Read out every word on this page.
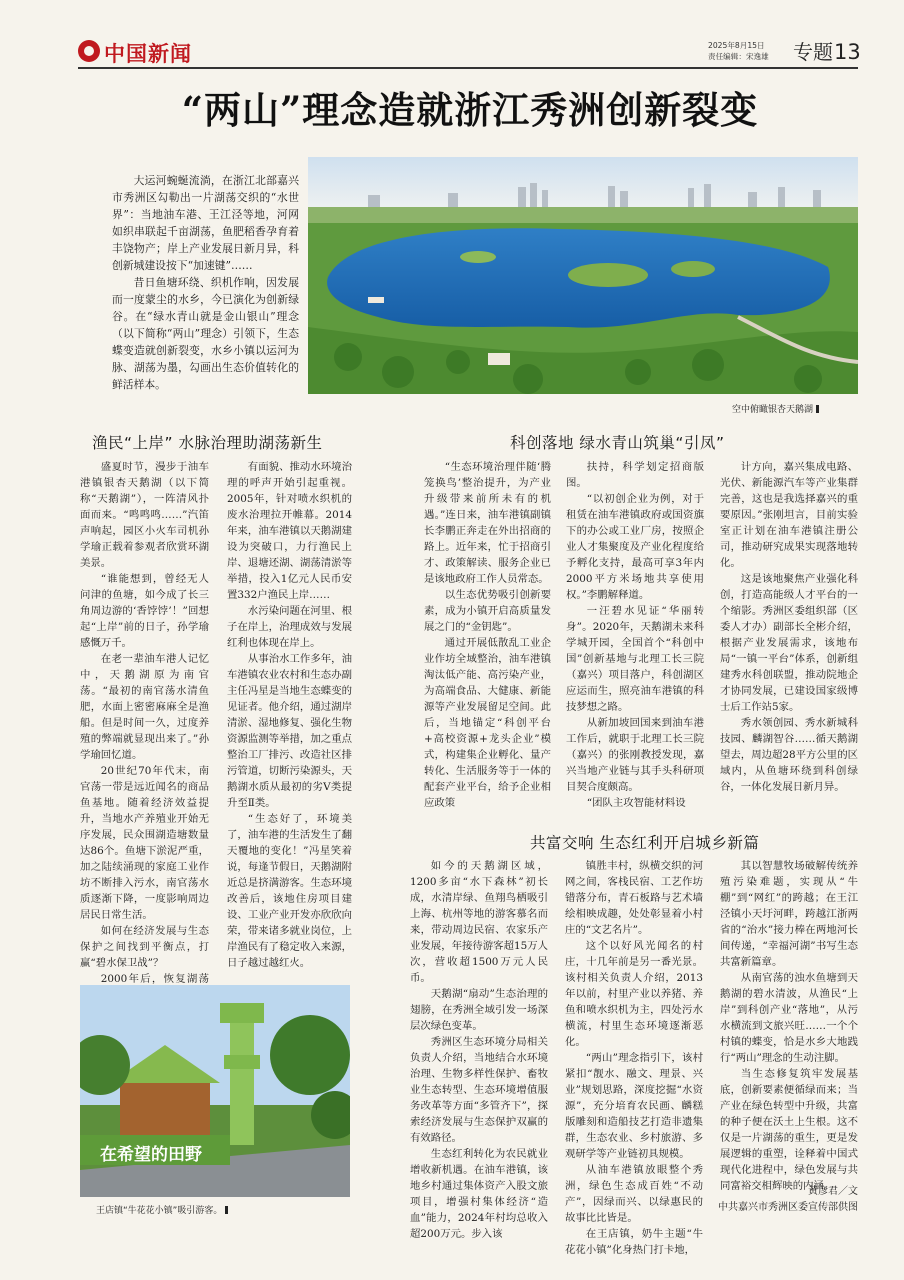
中国新闻	2025年8月15日
责任编辑：宋逸雄	专题13
“两山”理念造就浙江秀洲创新裂变

大运河蜿蜒流淌，在浙江北部嘉兴市秀洲区勾勒出一片湖荡交织的“水世界”：当地油车港、王江泾等地，河网如织串联起千亩湖荡，鱼肥稻香孕育着丰饶物产；岸上产业发展日新月异，科创新城建设按下“加速键”……

昔日鱼塘环绕、织机作响，因发展而一度蒙尘的水乡，今已演化为创新绿谷。在“绿水青山就是金山银山”理念（以下简称“两山”理念）引领下，生态蝶变造就创新裂变，水乡小镇以运河为脉、湖荡为墨，勾画出生态价值转化的鲜活样本。

空中俯瞰银杏天鹅湖
渔民“上岸” 水脉治理助湖荡新生	科创落地 绿水青山筑巢“引凤”
共富交响 生态红利开启城乡新篇

盛夏时节，漫步于油车港镇银杏天鹅湖（以下简称“天鹅湖”），一阵清风扑面而来。“鸣鸣鸣……”汽笛声响起，园区小火车司机孙学瑜正载着参观者欣赏环湖美景。

“谁能想到，曾经无人问津的鱼塘，如今成了长三角周边游的‘香饽饽’！”回想起“上岸”前的日子，孙学瑜感慨万千。

在老一辈油车港人记忆中，天鹅湖原为南官荡。“最初的南官荡水清鱼肥，水面上密密麻麻全是渔船。但是时间一久，过度养殖的弊端就显现出来了。”孙学瑜回忆道。

20世纪70年代末，南官荡一带是远近闻名的商品鱼基地。随着经济效益提升，当地水产养殖业开始无序发展，民众围湖造塘数量达86个。鱼塘下淤泥严重，加之陆续涌现的家庭工业作坊不断排入污水，南官荡水质逐渐下降，一度影响周边居民日常生活。

如何在经济发展与生态保护之间找到平衡点，打赢“碧水保卫战”？

2000年后，恢复湖荡

有面貌、推动水环境治理的呼声开始引起重视。2005年，针对喷水织机的废水治理拉开帷幕。2014年来，油车港镇以天鹅湖建设为突破口，力行渔民上岸、退塘还湖、湖荡清淤等举措，投入1亿元人民币安置332户渔民上岸……

水污染问题在河里、根子在岸上，治理成效与发展红利也体现在岸上。

从事治水工作多年，油车港镇农业农村和生态办副主任冯星是当地生态蝶变的见证者。他介绍，通过湖岸清淤、湿地修复、强化生物资源监测等举措，加之重点整治工厂排污、改造社区排污管道，切断污染源头，天鹅湖水质从最初的劣Ⅴ类提升至Ⅱ类。

“生态好了，环境美了，油车港的生活发生了翻天覆地的变化！”冯星笑着说，每逢节假日，天鹅湖附近总是挤满游客。生态环境改善后，该地住房项目建设、工业产业开发亦欣欣向荣，带来诸多就业岗位，上岸渔民有了稳定收入来源，日子越过越红火。

“生态环境治理伴随‘腾笼换鸟’整治提升，为产业升级带来前所未有的机遇。”连日来，油车港镇副镇长李鹏正奔走在外出招商的路上。近年来，忙于招商引才、政策解读、服务企业已是该地政府工作人员常态。

以生态优势吸引创新要素，成为小镇开启高质量发展之门的“金钥匙”。

通过开展低散乱工业企业作坊全域整治，油车港镇淘汰低产能、高污染产业，为高端食品、大健康、新能源等产业发展留足空间。此后，当地锚定“科创平台+高校资源+龙头企业”模式，构建集企业孵化、量产转化、生活服务等于一体的配套产业平台，给予企业相应政策

扶持，科学划定招商版图。

“以初创企业为例，对于租赁在油车港镇政府或国资旗下的办公或工业厂房，按照企业人才集聚度及产业化程度给予孵化支持，最高可享3年内2000平方米场地共享使用权。”李鹏解释道。

一汪碧水见证“华丽转身”。2020年，天鹅湖未来科学城开园，全国首个“科创中国”创新基地与北理工长三院（嘉兴）项目落户，科创湖区应运而生，照亮油车港镇的科技梦想之路。

从新加坡回国来到油车港工作后，就职于北理工长三院（嘉兴）的张刚教授发现，嘉兴当地产业链与其手头科研项目契合度颇高。

“团队主攻智能材料设

计方向，嘉兴集成电路、光伏、新能源汽车等产业集群完善，这也是我选择嘉兴的重要原因。”张刚坦言，目前实验室正计划在油车港镇注册公司，推动研究成果实现落地转化。

这是该地聚焦产业强化科创，打造高能级人才平台的一个缩影。秀洲区委组织部（区委人才办）副部长全彬介绍，根据产业发展需求，该地布局“一镇一平台”体系，创新组建秀水科创联盟，推动院地企才协同发展，已建设国家级博士后工作站5家。

秀水领创园、秀水新城科技园、麟湖智谷……循天鹅湖望去，周边超28平方公里的区域内，从鱼塘环绕到科创绿谷，一体化发展日新月异。

如今的天鹅湖区域，1200多亩“水下森林”初长成，水清岸绿、鱼翔鸟栖吸引上海、杭州等地的游客慕名而来，带动周边民宿、农家乐产业发展，年接待游客超15万人次，营收超1500万元人民币。

天鹅湖“扇动”生态治理的翅膀，在秀洲全域引发一场深层次绿色变革。

秀洲区生态环境分局相关负责人介绍，当地结合水环境治理、生物多样性保护、畜牧业生态转型、生态环境增值服务改革等方面“多管齐下”，探索经济发展与生态保护双赢的有效路径。

生态红利转化为农民就业增收新机遇。在油车港镇，该地乡村通过集体资产入股文旅项目，增强村集体经济“造血”能力，2024年村均总收入超200万元。步入该

镇胜丰村，纵横交织的河网之间，客栈民宿、工艺作坊错落分布，青石板路与艺术墙绘相映成趣，处处彰显着小村庄的“文艺名片”。

这个以好风光闻名的村庄，十几年前是另一番光景。该村相关负责人介绍，2013年以前，村里产业以养猪、养鱼和喷水织机为主，四处污水横流，村里生态环境逐渐恶化。

“两山”理念指引下，该村紧扣“靓水、融文、理景、兴业”规划思路，深度挖掘“水资源”，充分培育农民画、麟糕版雕刻和造船技艺打造非遗集群，生态农业、乡村旅游、多观研学等产业链初具规模。

从油车港镇放眼整个秀洲，绿色生态成百姓“不动产”，因绿而兴、以绿惠民的故事比比皆是。

在王店镇，奶牛主题“牛花花小镇”化身热门打卡地，

其以智慧牧场破解传统养殖污染难题，实现从“牛棚”到“网红”的跨越；在王江泾镇小天圩河畔，跨越江浙两省的“治水”接力棒在两地河长间传递，“幸福河湖”书写生态共富新篇章。

从南官荡的浊水鱼塘到天鹅湖的碧水清波，从渔民“上岸”到科创产业“落地”，从污水横流到文旅兴旺……一个个村镇的蝶变，恰是水乡大地践行“两山”理念的生动注脚。

当生态修复筑牢发展基底，创新要素便循绿而来；当产业在绿色转型中升级，共富的种子便在沃土上生根。这不仅是一片湖荡的重生，更是发展逻辑的重塑，诠释着中国式现代化进程中，绿色发展与共同富裕交相辉映的内涵。

黄彦君／文
中共嘉兴市秀洲区委宣传部供图
在希望的田野
王店镇“牛花花小镇”吸引游客。
